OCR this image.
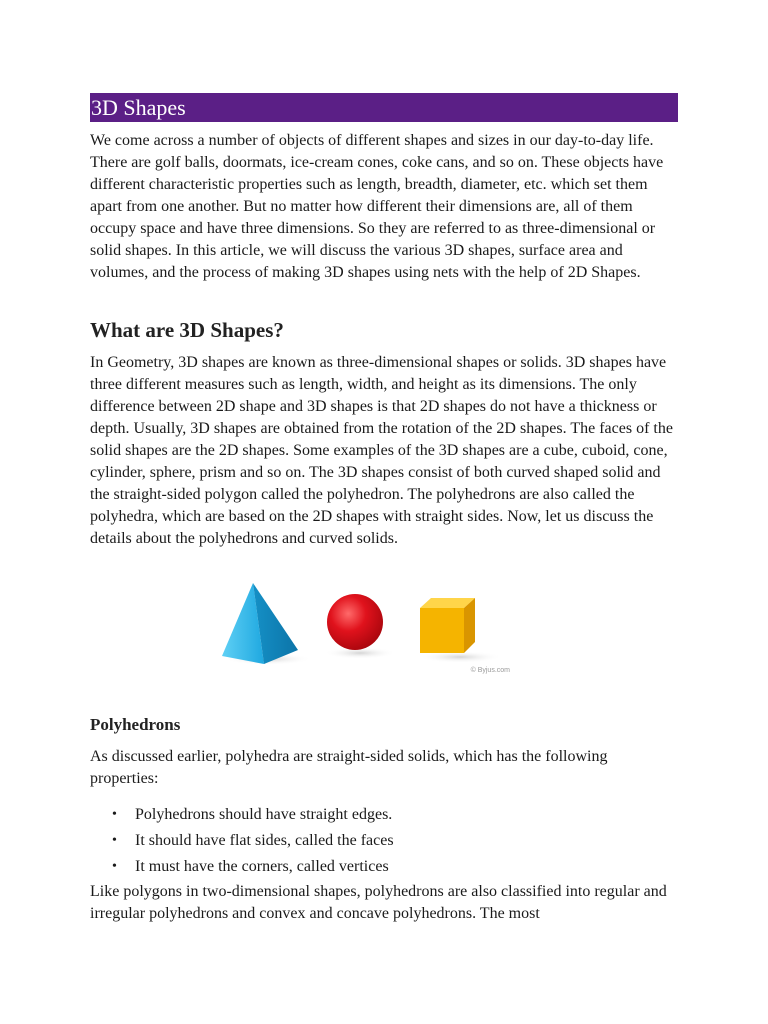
3D Shapes

We come across a number of objects of different shapes and sizes in our day-to-day life. There are golf balls, doormats, ice-cream cones, coke cans, and so on. These objects have different characteristic properties such as length, breadth, diameter, etc. which set them apart from one another. But no matter how different their dimensions are, all of them occupy space and have three dimensions. So they are referred to as three-dimensional or solid shapes. In this article, we will discuss the various 3D shapes, surface area and volumes, and the process of making 3D shapes using nets with the help of 2D Shapes.

What are 3D Shapes?

In Geometry, 3D shapes are known as three-dimensional shapes or solids. 3D shapes have three different measures such as length, width, and height as its dimensions. The only difference between 2D shape and 3D shapes is that 2D shapes do not have a thickness or depth. Usually, 3D shapes are obtained from the rotation of the 2D shapes. The faces of the solid shapes are the 2D shapes. Some examples of the 3D shapes are a cube, cuboid, cone, cylinder, sphere, prism and so on. The 3D shapes consist of both curved shaped solid and the straight-sided polygon called the polyhedron. The polyhedrons are also called the polyhedra, which are based on the 2D shapes with straight sides. Now, let us discuss the details about the polyhedrons and curved solids.

© Byjus.com
Polyhedrons

As discussed earlier, polyhedra are straight-sided solids, which has the following properties:

• Polyhedrons should have straight edges.
• It should have flat sides, called the faces
• It must have the corners, called vertices

Like polygons in two-dimensional shapes, polyhedrons are also classified into regular and irregular polyhedrons and convex and concave polyhedrons. The most
